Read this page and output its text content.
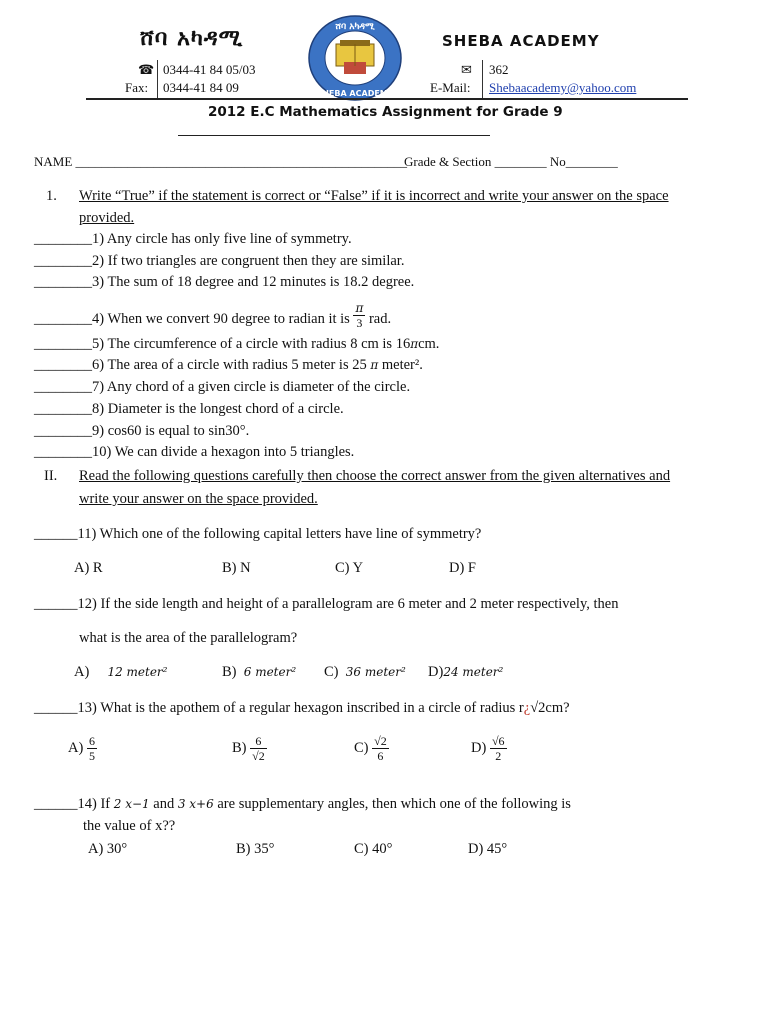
ሸባ አካዳሚ	SHEBA ACADEMY
ሸባ አካዳሚ
SHEBA ACADEMY
☎ 0344-41 84 05/03
Fax: 0344-41 84 09
✉ 362
E-Mail: Shebaacademy@yahoo.com
2012 E.C Mathematics Assignment for Grade 9
NAME ___________________________________________________
Grade & Section ________ No________
1. Write “True” if the statement is correct or “False” if it is incorrect and write your answer on the space
provided.
________1) Any circle has only five line of symmetry.
________2) If two triangles are congruent then they are similar.
________3) The sum of 18 degree and 12 minutes is 18.2 degree.
________4) When we convert 90 degree to radian it is $\frac{\pi}{3}$ rad.
________5) The circumference of a circle with radius 8 cm is 16πcm.
________6) The area of a circle with radius 5 meter is 25 π meter².
________7) Any chord of a given circle is diameter of the circle.
________8) Diameter is the longest chord of a circle.
________9) cos60 is equal to sin30°.
________10) We can divide a hexagon into 5 triangles.
II. Read the following questions carefully then choose the correct answer from the given alternatives and
write your answer on the space provided.
______11) Which one of the following capital letters have line of symmetry?
A) R	B) N	C) Y	D) F
______12) If the side length and height of a parallelogram are 6 meter and 2 meter respectively, then
what is the area of the parallelogram?
A) 12 meter²	B) 6 meter² C) 36 meter² D)24 meter²
______13) What is the apothem of a regular hexagon inscribed in a circle of radius r¿√2cm?
$A) \frac{6}{5}$	$B) \frac{6}{√2}$	$C) \frac{√2}{6}$	$D) \frac{√6}{2}$
______14) If 2 x−1 and 3 x+6 are supplementary angles, then which one of the following is
the value of x??
A) 30°	B) 35°	C) 40°	D) 45°
